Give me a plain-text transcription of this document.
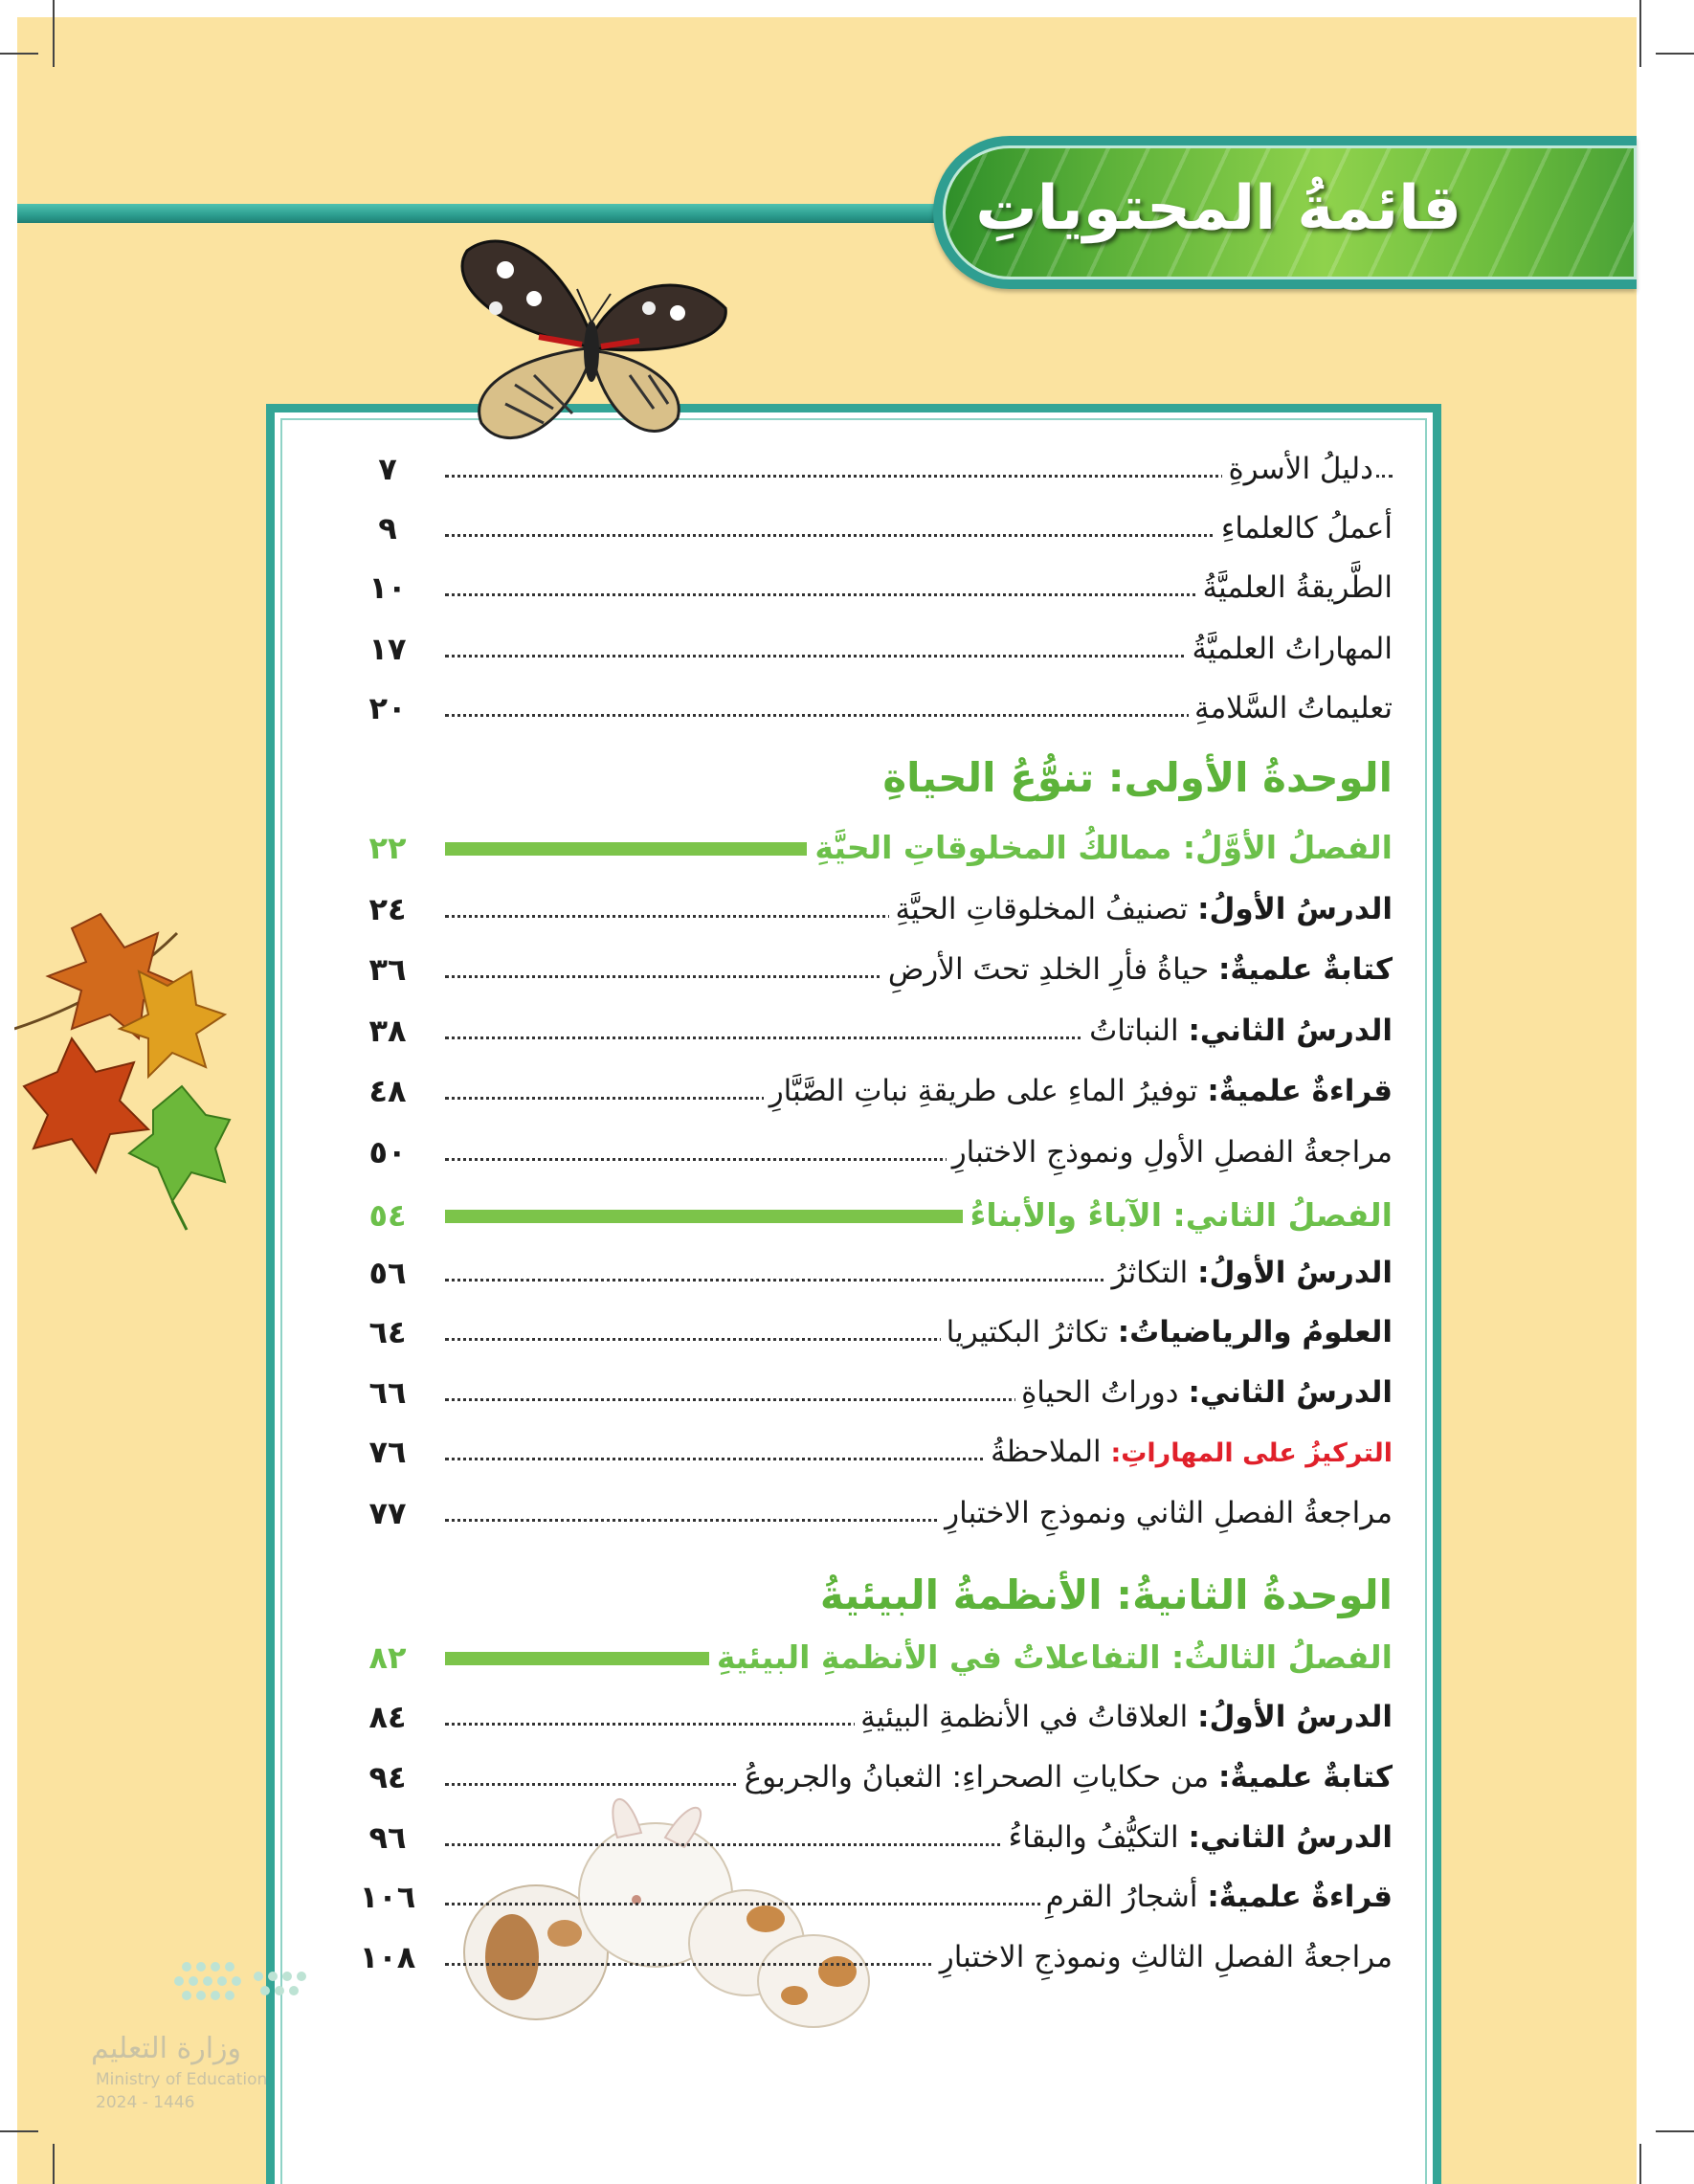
قائمةُ المحتوياتِ
وزارة التعليم
Ministry of Education
2024 - 1446
دليلُ الأسرةِ
٧
أعملُ كالعلماءِ
٩
الطَّريقةُ العلميَّةُ
١٠
المهاراتُ العلميَّةُ
١٧
تعليماتُ السَّلامةِ
٢٠
الوحدةُ الأولى: تنوُّعُ الحياةِ
الفصلُ الأوَّلُ: ممالكُ المخلوقاتِ الحيَّةِ
٢٢
الدرسُ الأولُ: تصنيفُ المخلوقاتِ الحيَّةِ
٢٤
كتابةٌ علميةٌ: حياةُ فأرِ الخلدِ تحتَ الأرضِ
٣٦
الدرسُ الثاني: النباتاتُ
٣٨
قراءةٌ علميةٌ: توفيرُ الماءِ على طريقةِ نباتِ الصَّبَّارِ
٤٨
مراجعةُ الفصلِ الأولِ ونموذجِ الاختبارِ
٥٠
الفصلُ الثاني: الآباءُ والأبناءُ
٥٤
الدرسُ الأولُ: التكاثرُ
٥٦
العلومُ والرياضياتُ: تكاثرُ البكتيريا
٦٤
الدرسُ الثاني: دوراتُ الحياةِ
٦٦
التركيزُ على المهاراتِ: الملاحظةُ
٧٦
مراجعةُ الفصلِ الثاني ونموذجِ الاختبارِ
٧٧
الوحدةُ الثانيةُ: الأنظمةُ البيئيةُ
الفصلُ الثالثُ: التفاعلاتُ في الأنظمةِ البيئيةِ
٨٢
الدرسُ الأولُ: العلاقاتُ في الأنظمةِ البيئيةِ
٨٤
كتابةٌ علميةٌ: من حكاياتِ الصحراءِ: الثعبانُ والجربوعُ
٩٤
الدرسُ الثاني: التكيُّفُ والبقاءُ
٩٦
قراءةٌ علميةٌ: أشجارُ القرمِ
١٠٦
مراجعةُ الفصلِ الثالثِ ونموذجِ الاختبارِ
١٠٨
